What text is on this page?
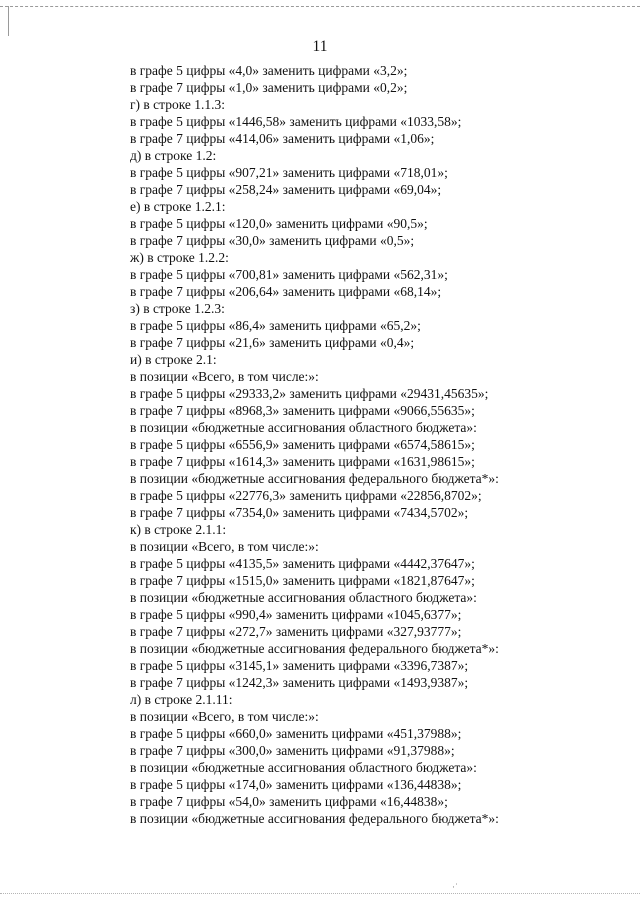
11
в графе 5 цифры «4,0» заменить цифрами «3,2»;
в графе 7 цифры «1,0» заменить цифрами «0,2»;
г) в строке 1.1.3:
в графе 5 цифры «1446,58» заменить цифрами «1033,58»;
в графе 7 цифры «414,06» заменить цифрами «1,06»;
д) в строке 1.2:
в графе 5 цифры «907,21» заменить цифрами «718,01»;
в графе 7 цифры «258,24» заменить цифрами «69,04»;
е) в строке 1.2.1:
в графе 5 цифры «120,0» заменить цифрами «90,5»;
в графе 7 цифры «30,0» заменить цифрами «0,5»;
ж) в строке 1.2.2:
в графе 5 цифры «700,81» заменить цифрами «562,31»;
в графе 7 цифры «206,64» заменить цифрами «68,14»;
з) в строке 1.2.3:
в графе 5 цифры «86,4» заменить цифрами «65,2»;
в графе 7 цифры «21,6» заменить цифрами «0,4»;
и) в строке 2.1:
в позиции «Всего, в том числе:»:
в графе 5 цифры «29333,2» заменить цифрами «29431,45635»;
в графе 7 цифры «8968,3» заменить цифрами «9066,55635»;
в позиции «бюджетные ассигнования областного бюджета»:
в графе 5 цифры «6556,9» заменить цифрами «6574,58615»;
в графе 7 цифры «1614,3» заменить цифрами «1631,98615»;
в позиции «бюджетные ассигнования федерального бюджета*»:
в графе 5 цифры «22776,3» заменить цифрами «22856,8702»;
в графе 7 цифры «7354,0» заменить цифрами «7434,5702»;
к) в строке 2.1.1:
в позиции «Всего, в том числе:»:
в графе 5 цифры «4135,5» заменить цифрами «4442,37647»;
в графе 7 цифры «1515,0» заменить цифрами «1821,87647»;
в позиции «бюджетные ассигнования областного бюджета»:
в графе 5 цифры «990,4» заменить цифрами «1045,6377»;
в графе 7 цифры «272,7» заменить цифрами «327,93777»;
в позиции «бюджетные ассигнования федерального бюджета*»:
в графе 5 цифры «3145,1» заменить цифрами «3396,7387»;
в графе 7 цифры «1242,3» заменить цифрами «1493,9387»;
л) в строке 2.1.11:
в позиции «Всего, в том числе:»:
в графе 5 цифры «660,0» заменить цифрами «451,37988»;
в графе 7 цифры «300,0» заменить цифрами «91,37988»;
в позиции «бюджетные ассигнования областного бюджета»:
в графе 5 цифры «174,0» заменить цифрами «136,44838»;
в графе 7 цифры «54,0» заменить цифрами «16,44838»;
в позиции «бюджетные ассигнования федерального бюджета*»:
·˙
